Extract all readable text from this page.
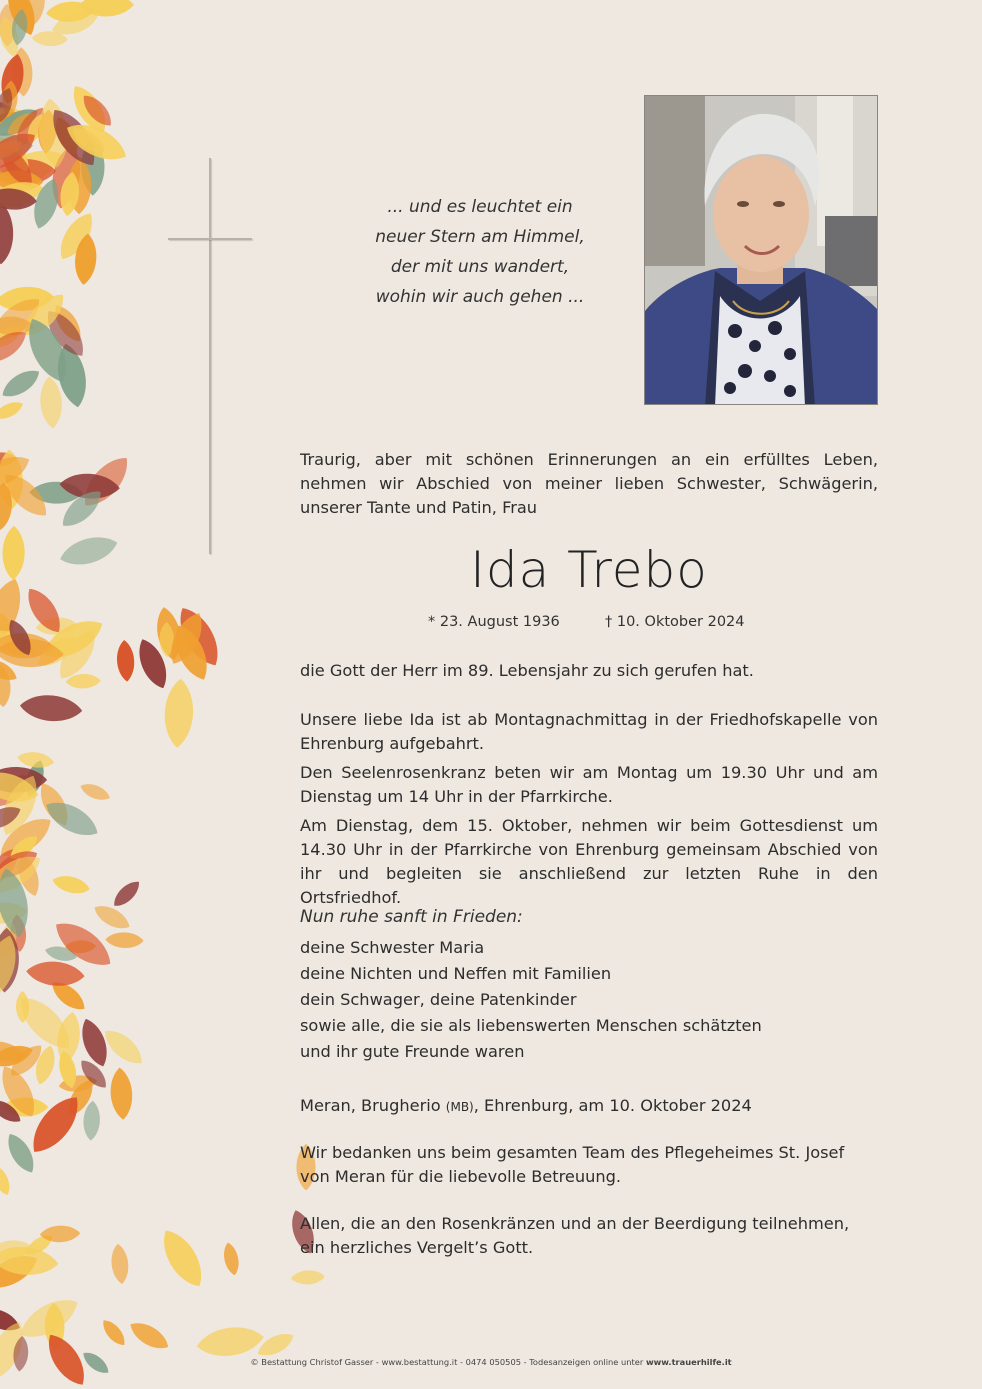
... und es leuchtet ein
neuer Stern am Himmel,
der mit uns wandert,
wohin wir auch gehen ...
Traurig, aber mit schönen Erinnerungen an ein erfülltes Leben, nehmen wir Abschied von meiner lieben Schwester, Schwägerin, unserer Tante und Patin, Frau
Ida Trebo
* 23. August 1936	† 10. Oktober 2024
die Gott der Herr im 89. Lebensjahr zu sich gerufen hat.
Unsere liebe Ida ist ab Montagnachmittag in der Friedhofskapelle von Ehrenburg aufgebahrt.
Den Seelenrosenkranz beten wir am Montag um 19.30 Uhr und am Dienstag um 14 Uhr in der Pfarrkirche.
Am Dienstag, dem 15. Oktober, nehmen wir beim Gottesdienst um 14.30 Uhr in der Pfarrkirche von Ehrenburg gemeinsam Abschied von ihr und begleiten sie anschließend zur letzten Ruhe in den Ortsfriedhof.
Nun ruhe sanft in Frieden:
deine Schwester Maria
deine Nichten und Neffen mit Familien
dein Schwager, deine Patenkinder
sowie alle, die sie als liebenswerten Menschen schätzten
und ihr gute Freunde waren
Meran, Brugherio (MB), Ehrenburg, am 10. Oktober 2024
Wir bedanken uns beim gesamten Team des Pflegeheimes St. Josef von Meran für die liebevolle Betreuung.
Allen, die an den Rosenkränzen und an der Beerdigung teilnehmen, ein herzliches Vergelt’s Gott.
© Bestattung Christof Gasser - www.bestattung.it - 0474 050505 - Todesanzeigen online unter www.trauerhilfe.it
